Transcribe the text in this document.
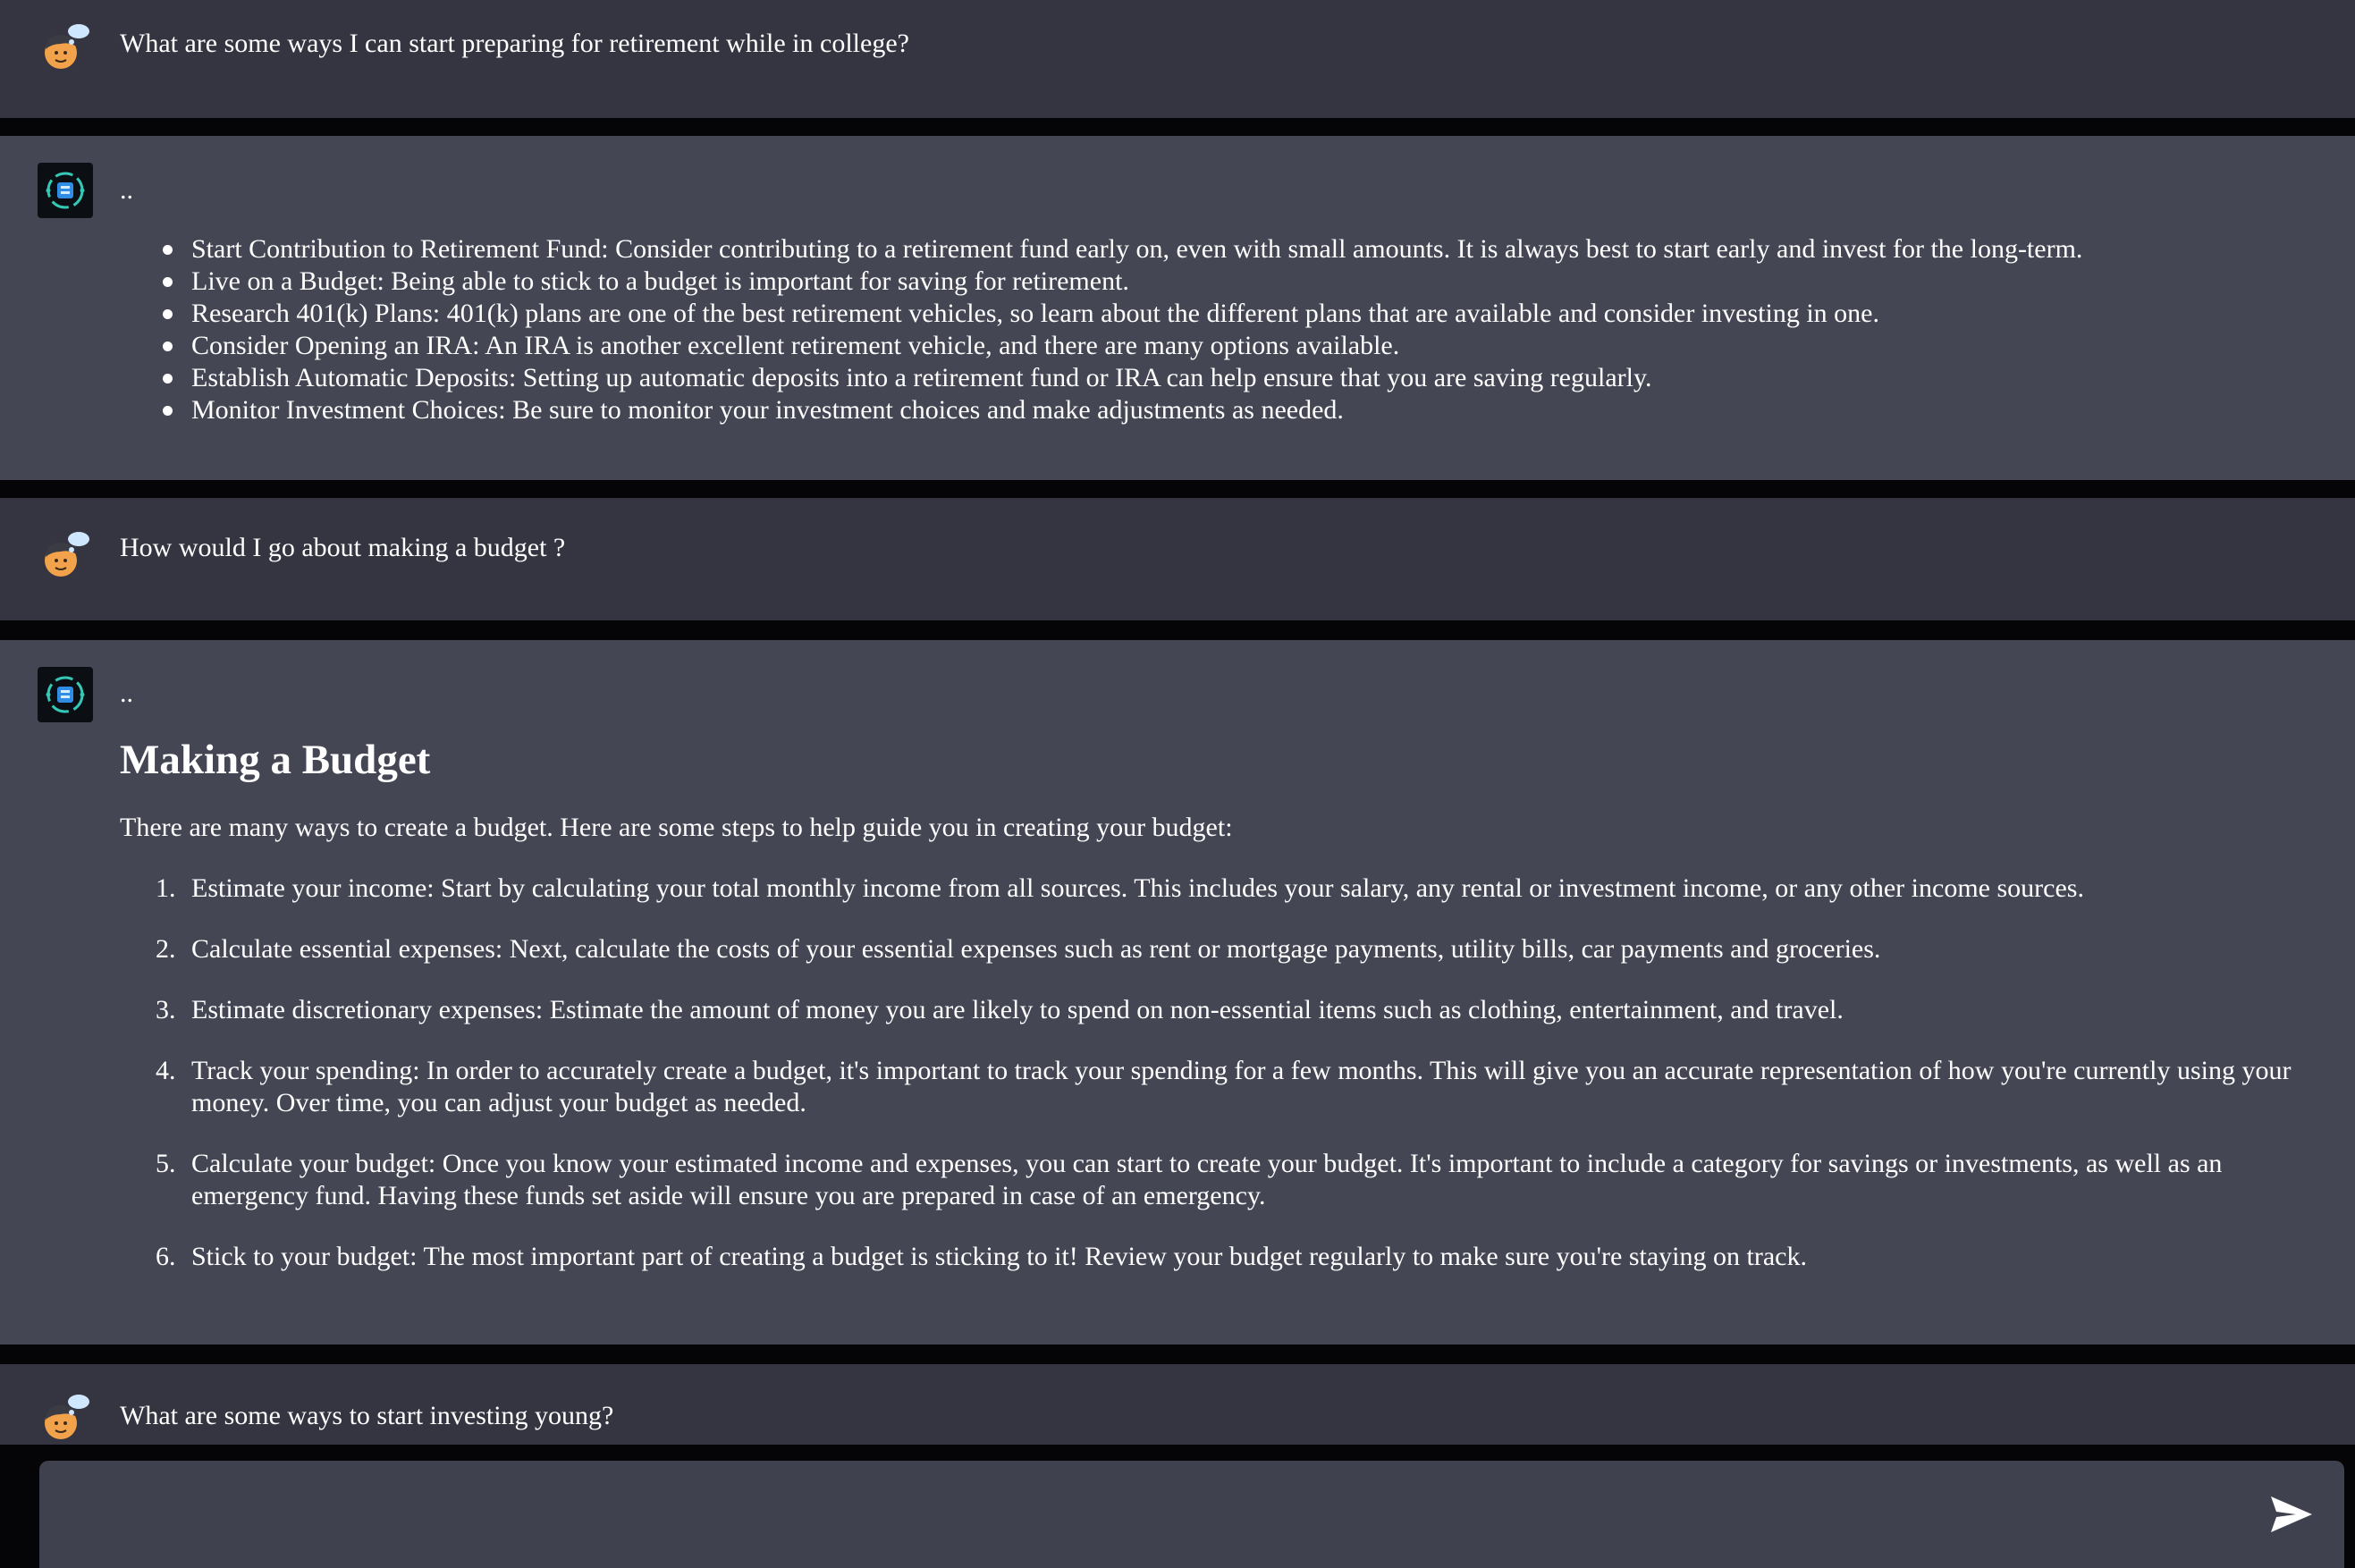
What are some ways I can start preparing for retirement while in college?
..
Start Contribution to Retirement Fund: Consider contributing to a retirement fund early on, even with small amounts. It is always best to start early and invest for the long-term.
Live on a Budget: Being able to stick to a budget is important for saving for retirement.
Research 401(k) Plans: 401(k) plans are one of the best retirement vehicles, so learn about the different plans that are available and consider investing in one.
Consider Opening an IRA: An IRA is another excellent retirement vehicle, and there are many options available.
Establish Automatic Deposits: Setting up automatic deposits into a retirement fund or IRA can help ensure that you are saving regularly.
Monitor Investment Choices: Be sure to monitor your investment choices and make adjustments as needed.
How would I go about making a budget ?
..
Making a Budget

There are many ways to create a budget. Here are some steps to help guide you in creating your budget:

1. Estimate your income: Start by calculating your total monthly income from all sources. This includes your salary, any rental or investment income, or any other income sources.
2. Calculate essential expenses: Next, calculate the costs of your essential expenses such as rent or mortgage payments, utility bills, car payments and groceries.
3. Estimate discretionary expenses: Estimate the amount of money you are likely to spend on non-essential items such as clothing, entertainment, and travel.
4. Track your spending: In order to accurately create a budget, it's important to track your spending for a few months. This will give you an accurate representation of how you're currently using your money. Over time, you can adjust your budget as needed.
5. Calculate your budget: Once you know your estimated income and expenses, you can start to create your budget. It's important to include a category for savings or investments, as well as an emergency fund. Having these funds set aside will ensure you are prepared in case of an emergency.
6. Stick to your budget: The most important part of creating a budget is sticking to it! Review your budget regularly to make sure you're staying on track.
What are some ways to start investing young?
